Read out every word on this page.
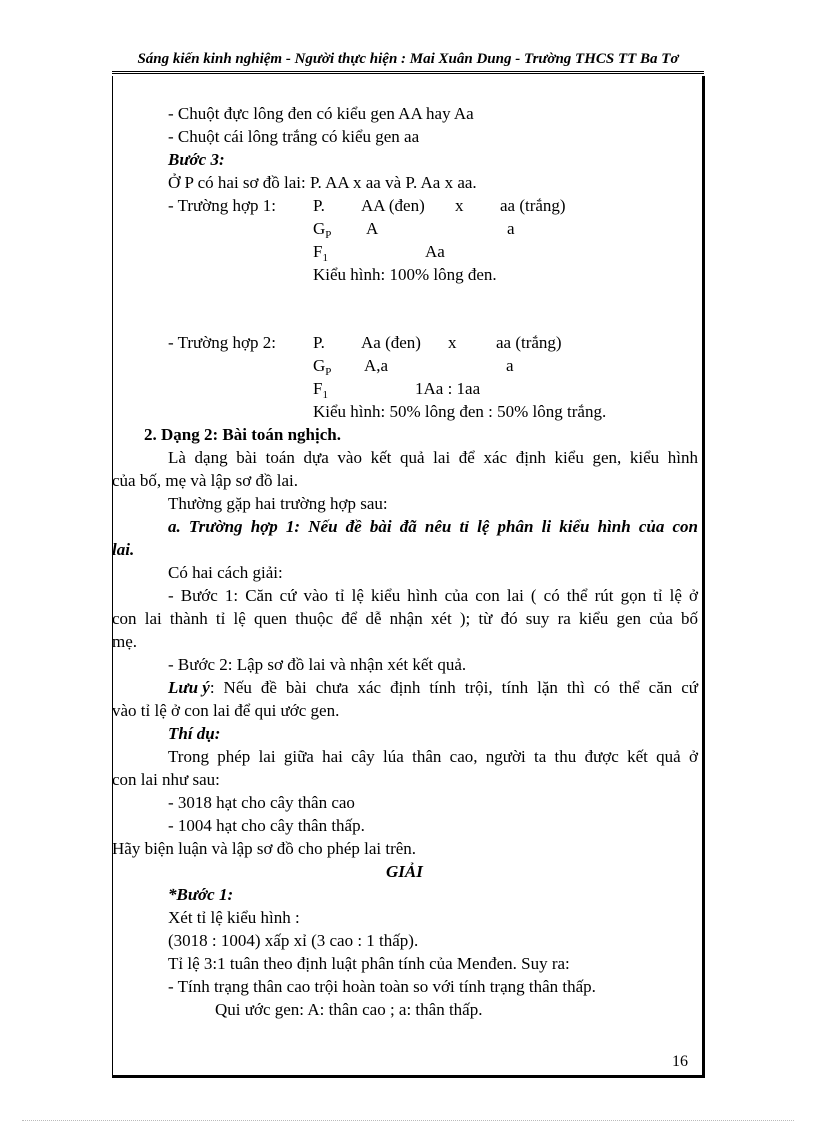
Sáng kiến kinh nghiệm - Người thực hiện : Mai Xuân Dung - Trường THCS TT Ba Tơ
- Chuột đực lông đen có kiểu gen AA hay Aa
- Chuột cái lông trắng có kiểu gen aa
Bước 3:
Ở P có hai sơ đồ lai: P. AA x aa và P. Aa x aa.
- Trường hợp 1: P. AA (đen) x aa (trắng)
$G_P$ A	a
$F_1$	Aa
Kiểu hình: 100% lông đen.
- Trường hợp 2: P. Aa (đen) x aa (trắng)
$G_P$ A,a	a
$F_1$	1Aa : 1aa
Kiểu hình: 50% lông đen : 50% lông trắng.
2. Dạng 2: Bài toán nghịch.
Là dạng bài toán dựa vào kết quả lai để xác định kiểu gen, kiểu hình
của bố, mẹ và lập sơ đồ lai.
Thường gặp hai trường hợp sau:
a. Trường hợp 1: Nếu đề bài đã nêu tỉ lệ phân li kiểu hình của con
lai.
Có hai cách giải:
- Bước 1: Căn cứ vào tỉ lệ kiểu hình của con lai ( có thể rút gọn tỉ lệ ở
con lai thành tỉ lệ quen thuộc để dễ nhận xét ); từ đó suy ra kiểu gen của bố
mẹ.
- Bước 2: Lập sơ đồ lai và nhận xét kết quả.
Lưu ý : Nếu đề bài chưa xác định tính trội, tính lặn thì có thể căn cứ
vào tỉ lệ ở con lai để qui ước gen.
Thí dụ:
Trong phép lai giữa hai cây lúa thân cao, người ta thu được kết quả ở
con lai như sau:
- 3018 hạt cho cây thân cao
- 1004 hạt cho cây thân thấp.
Hãy biện luận và lập sơ đồ cho phép lai trên.
GIẢI
*Bước 1:
Xét tỉ lệ kiểu hình :
(3018 : 1004) xấp xỉ (3 cao : 1 thấp).
Tỉ lệ 3:1 tuân theo định luật phân tính của Menđen. Suy ra:
- Tính trạng thân cao trội hoàn toàn so với tính trạng thân thấp.
Qui ước gen: A: thân cao ; a: thân thấp.
16
